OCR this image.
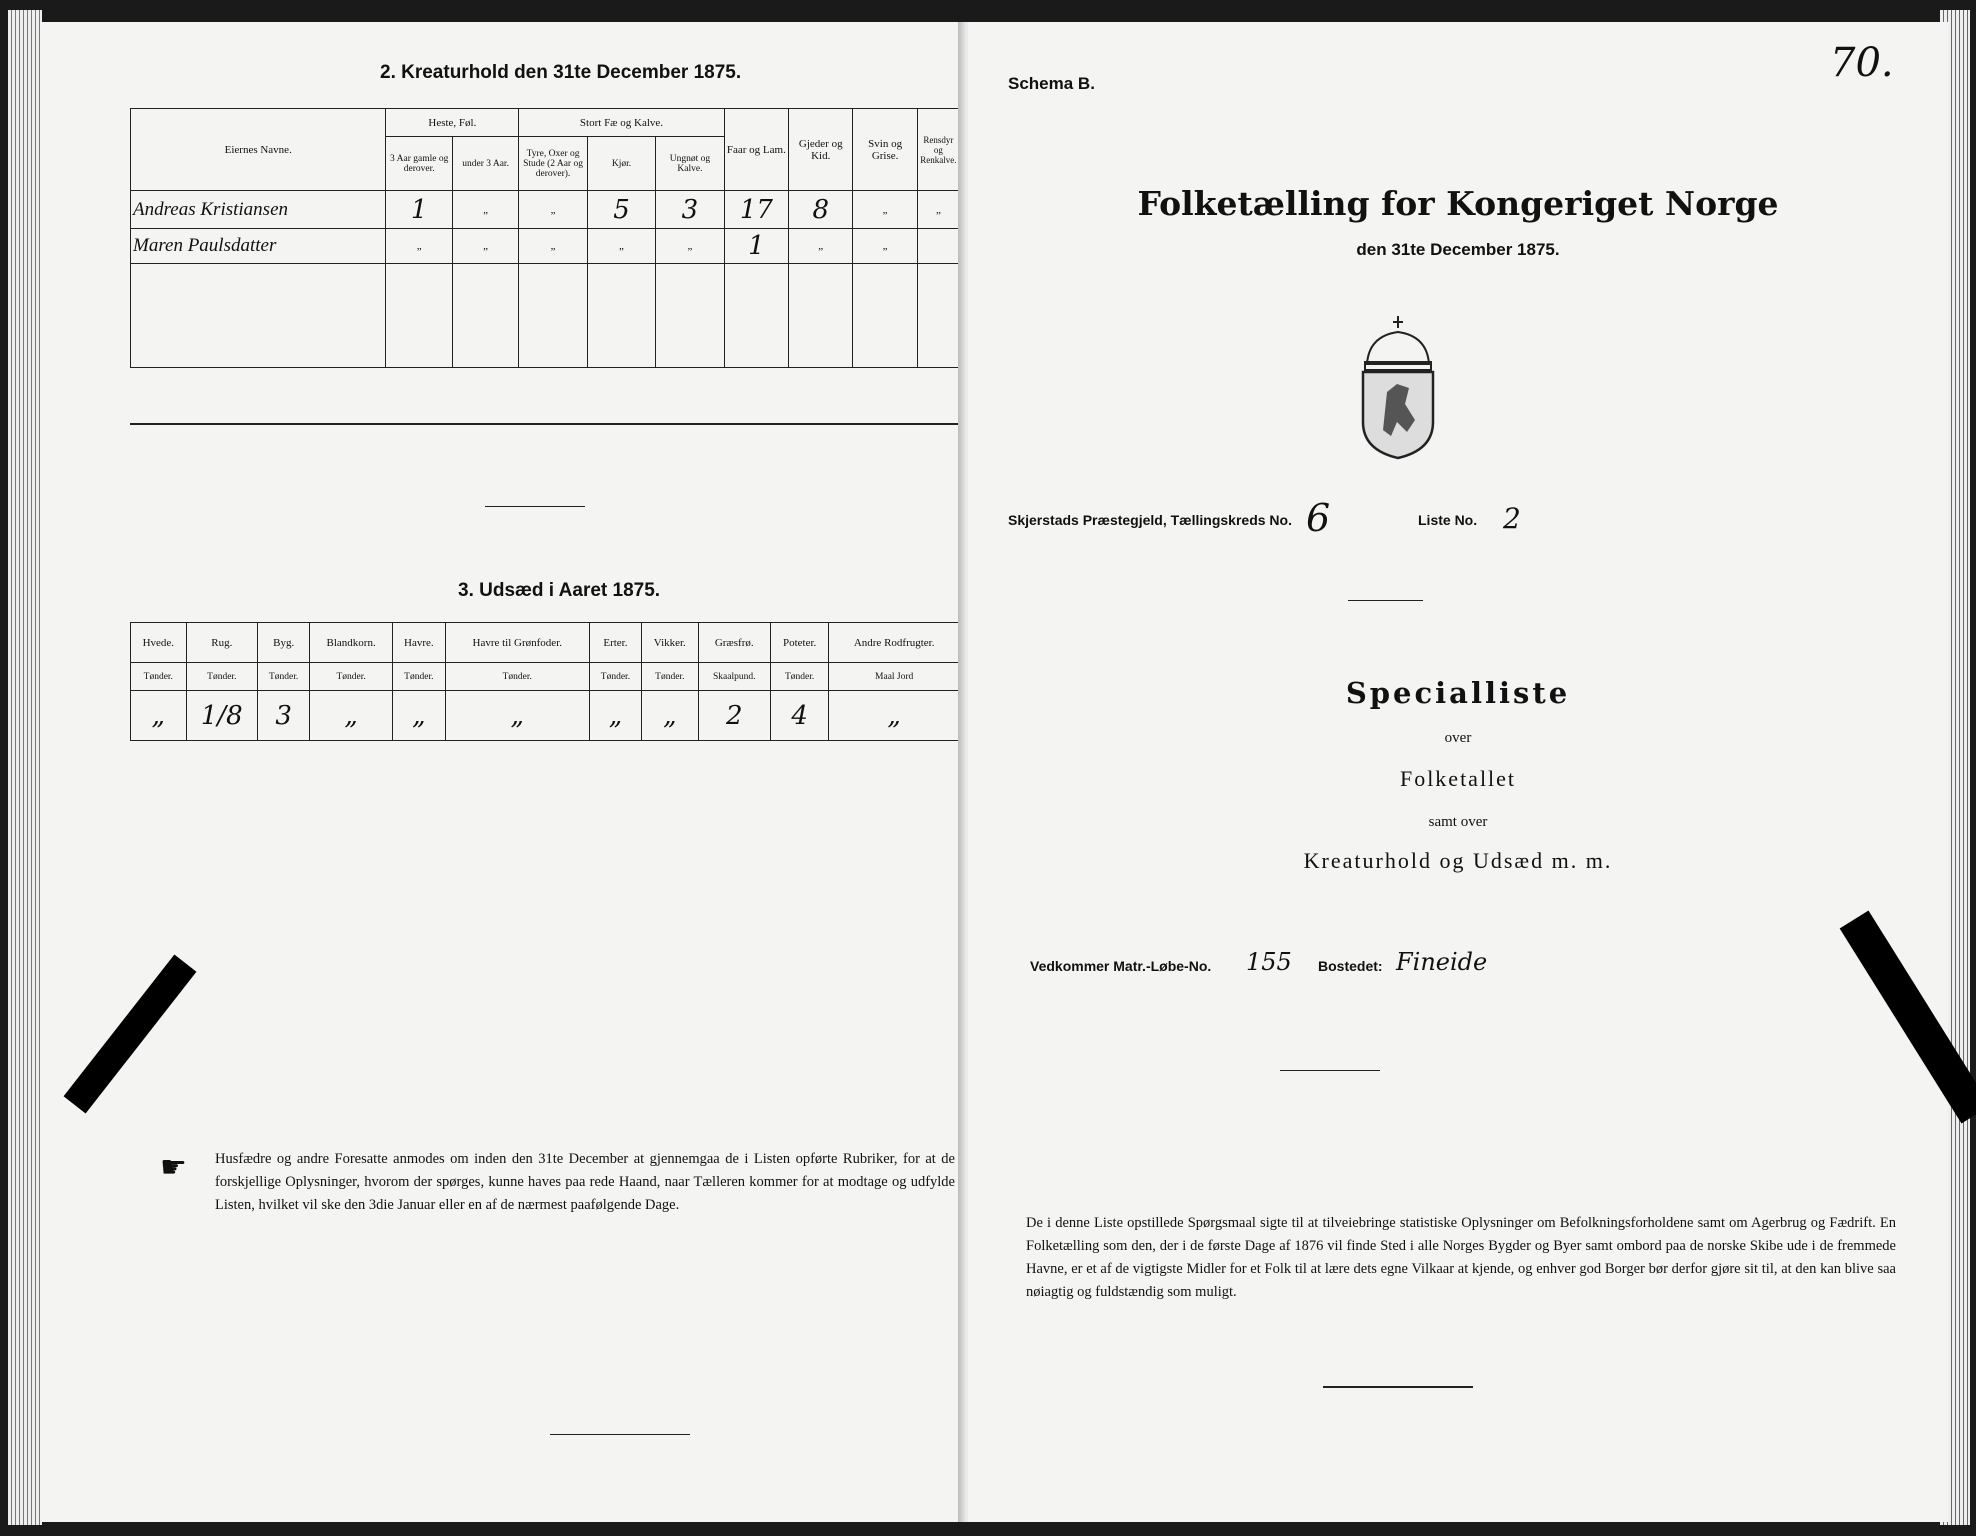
2. Kreaturhold den 31te December 1875.
Eiernes Navne.	Heste, Føl.		Stort Fæ og Kalve.			Faar og Lam.	Gjeder og Kid.	Svin og Grise.	Rensdyr og Renkalve.
	3 Aar gamle og derover.	under 3 Aar.	Tyre, Oxer og Stude (2 Aar og derover).	Kjør.	Ungnøt og Kalve.				
Andreas Kristiansen	1	„	„	5	3	17	8	„	„
Maren Paulsdatter	„	„	„	„	„	1	„	„	

3. Udsæd i Aaret 1875.
Hvede.	Rug.	Byg.	Blandkorn.	Havre.	Havre til Grønfoder.	Erter.	Vikker.	Græsfrø.	Poteter.	Andre Rodfrugter.
Tønder.	Tønder.	Tønder.	Tønder.	Tønder.	Tønder.	Tønder.	Tønder.	Skaalpund.	Tønder.	Maal Jord
„	1/8	3	„	„	„	„	„	2	4	„
☛ Husfædre og andre Foresatte anmodes om inden den 31te December at gjennemgaa de i Listen opførte Rubriker, for at de forskjellige Oplysninger, hvorom der spørges, kunne haves paa rede Haand, naar Tælleren kommer for at modtage og udfylde Listen, hvilket vil ske den 3die Januar eller en af de nærmest paafølgende Dage.
70.
Schema B.
Folketælling for Kongeriget Norge
den 31te December 1875.
Skjerstads Præstegjeld, Tællingskreds No. 6	Liste No. 2
Specialliste
over
Folketallet
samt over
Kreaturhold og Udsæd m. m.
Vedkommer Matr.-Løbe-No. 155 Bostedet: Fineide
De i denne Liste opstillede Spørgsmaal sigte til at tilveiebringe statistiske Oplysninger om Befolkningsforholdene samt om Agerbrug og Fædrift. En Folketælling som den, der i de første Dage af 1876 vil finde Sted i alle Norges Bygder og Byer samt ombord paa de norske Skibe ude i de fremmede Havne, er et af de vigtigste Midler for et Folk til at lære dets egne Vilkaar at kjende, og enhver god Borger bør derfor gjøre sit til, at den kan blive saa nøiagtig og fuldstændig som muligt.
